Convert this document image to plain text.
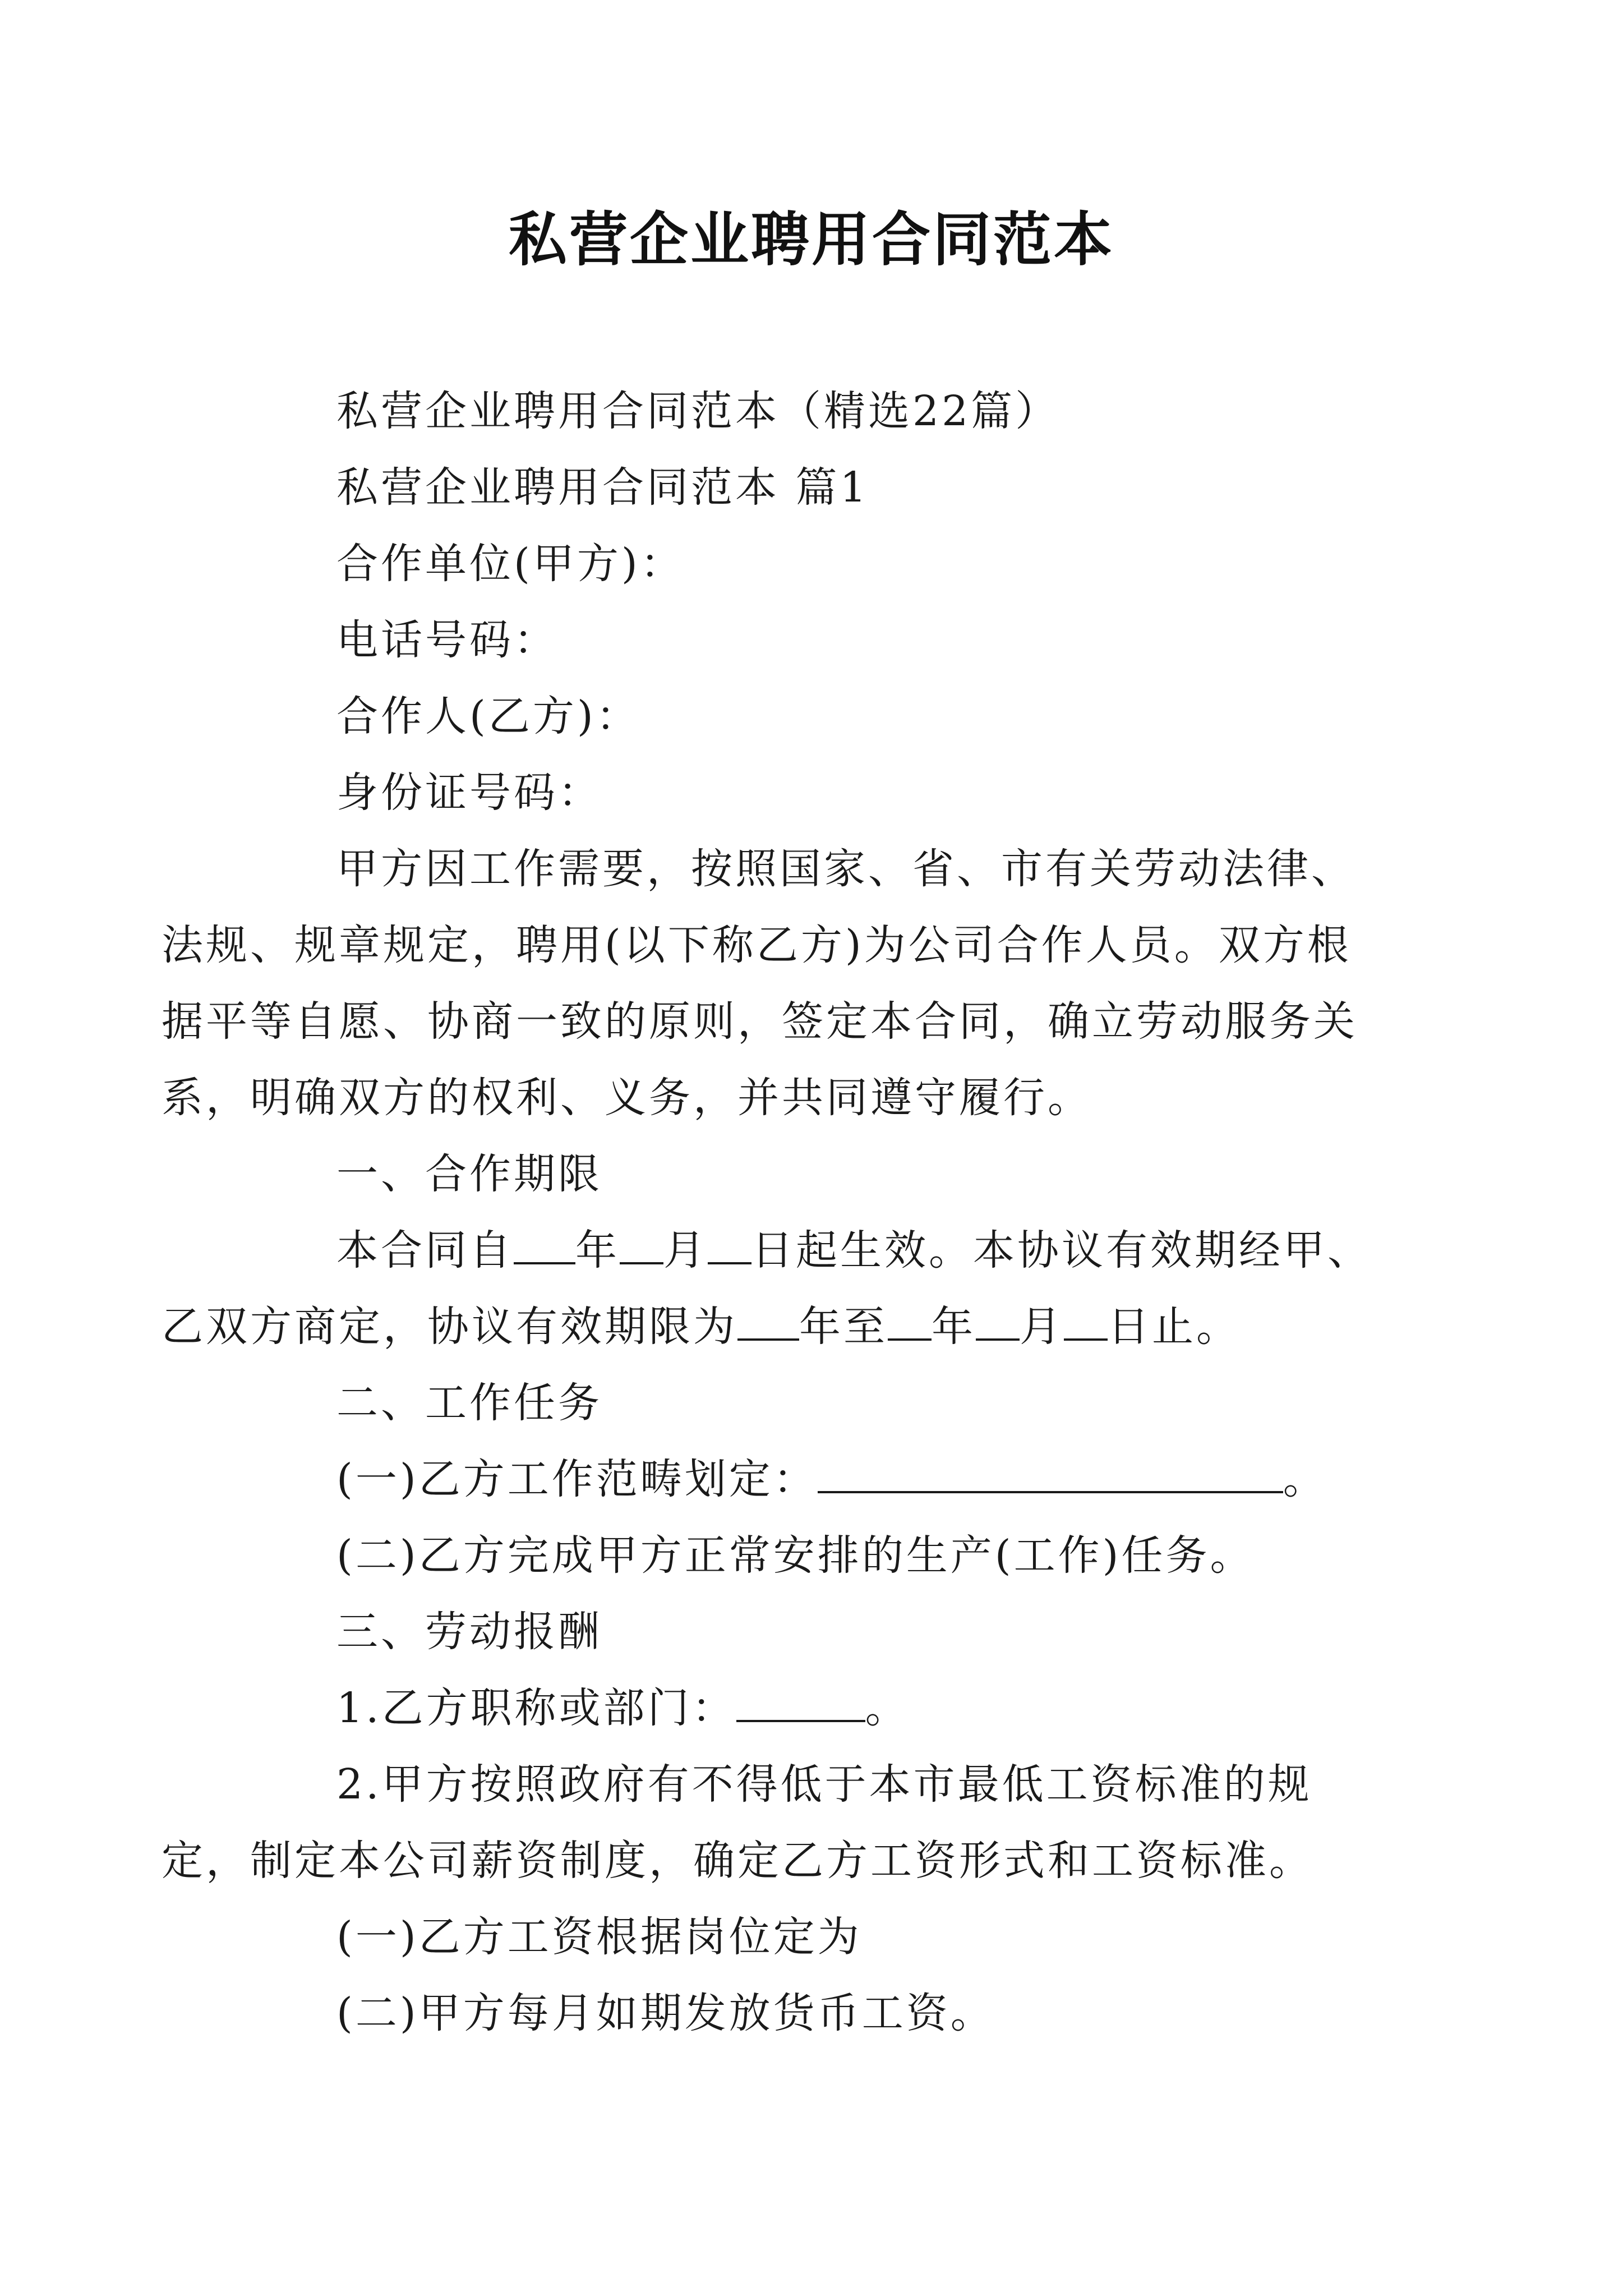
私营企业聘用合同范本

私营企业聘用合同范本（精选22篇）

私营企业聘用合同范本 篇1

合作单位(甲方)：

电话号码：

合作人(乙方)：

身份证号码：

甲方因工作需要，按照国家、省、市有关劳动法律、法规、规章规定，聘用(以下称乙方)为公司合作人员。双方根据平等自愿、协商一致的原则，签定本合同，确立劳动服务关系，明确双方的权利、义务，并共同遵守履行。

一、合作期限

本合同自 年 月 日起生效。本协议有效期经甲、乙双方商定，协议有效期限为 年至 年 月 日止。

二、工作任务

(一)乙方工作范畴划定：	。

(二)乙方完成甲方正常安排的生产(工作)任务。

三、劳动报酬

1.乙方职称或部门：	。

2.甲方按照政府有不得低于本市最低工资标准的规定，制定本公司薪资制度，确定乙方工资形式和工资标准。

(一)乙方工资根据岗位定为

(二)甲方每月如期发放货币工资。
